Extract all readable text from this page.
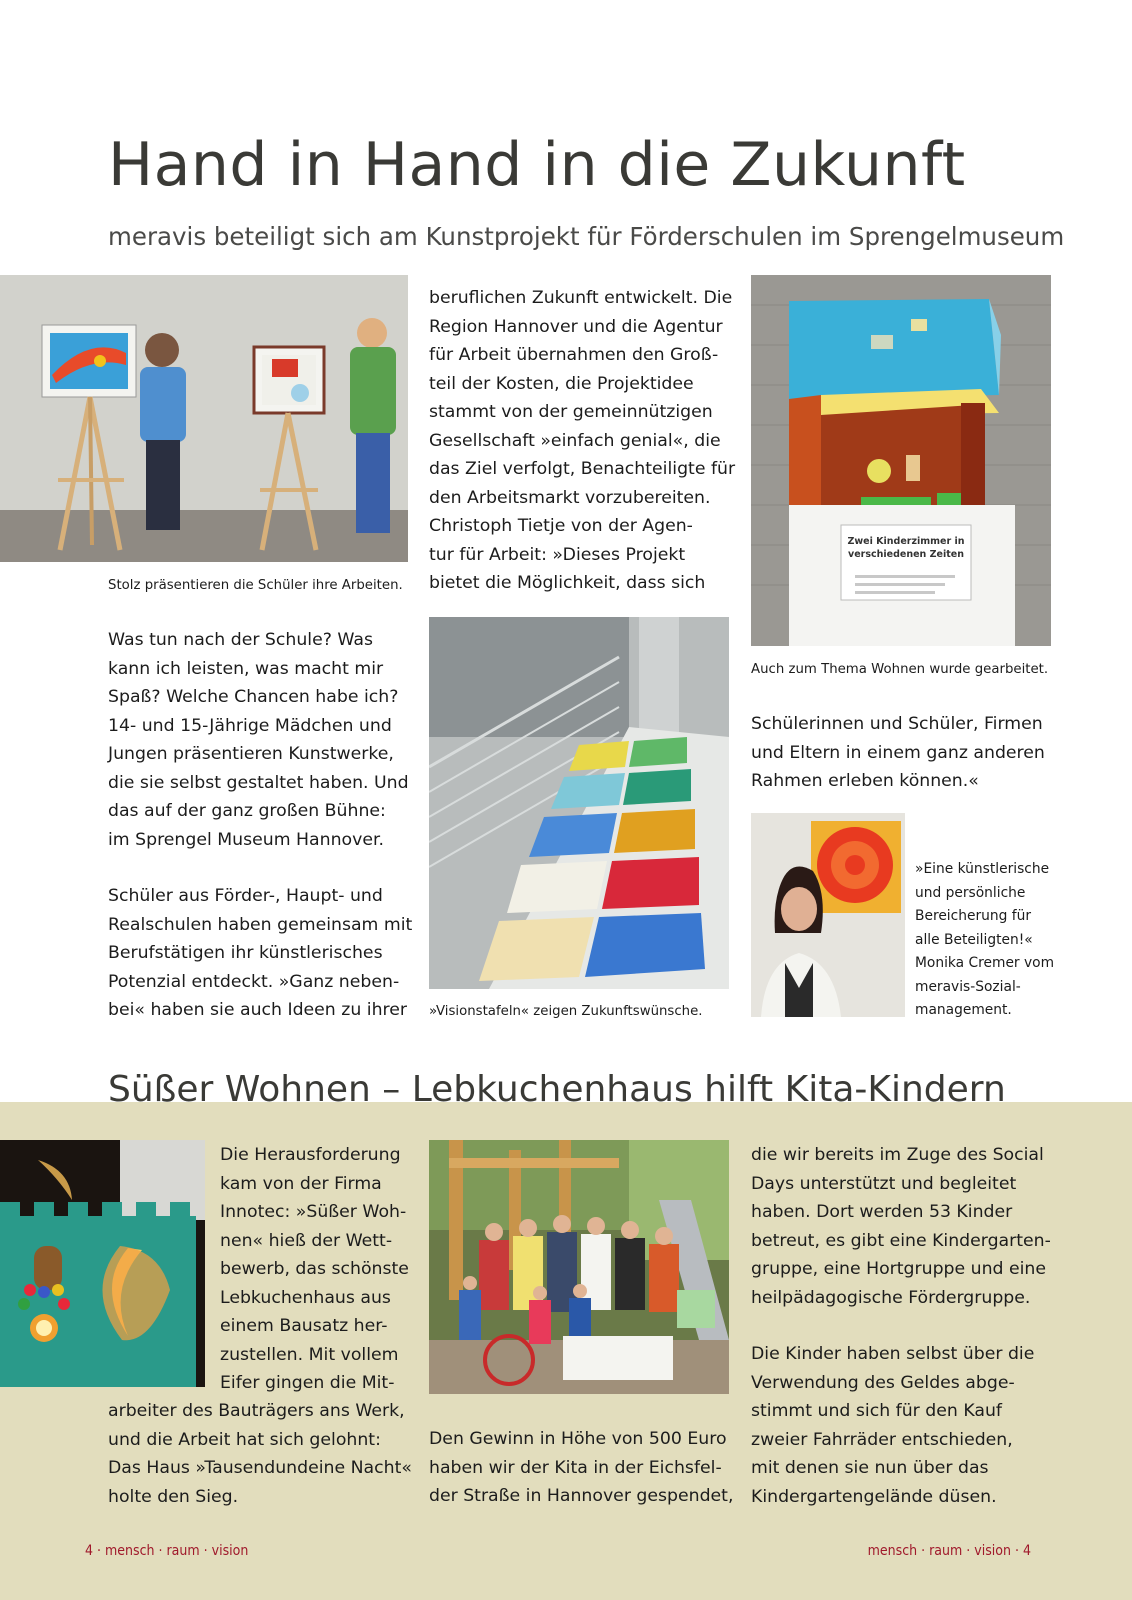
Hand in Hand in die Zukunft
meravis beteiligt sich am Kunstprojekt für Förderschulen im Sprengelmuseum
Stolz präsentieren die Schüler ihre Arbeiten.
Was tun nach der Schule? Was
kann ich leisten, was macht mir
Spaß? Welche Chancen habe ich?
14- und 15-Jährige Mädchen und
Jungen präsentieren Kunstwerke,
die sie selbst gestaltet haben. Und
das auf der ganz großen Bühne:
im Sprengel Museum Hannover.
Schüler aus Förder-, Haupt- und
Realschulen haben gemeinsam mit
Berufstätigen ihr künstlerisches
Potenzial entdeckt. »Ganz neben-
bei« haben sie auch Ideen zu ihrer
beruflichen Zukunft entwickelt. Die
Region Hannover und die Agentur
für Arbeit übernahmen den Groß-
teil der Kosten, die Projektidee
stammt von der gemeinnützigen
Gesellschaft »einfach genial«, die
das Ziel verfolgt, Benachteiligte für
den Arbeitsmarkt vorzubereiten.
Christoph Tietje von der Agen-
tur für Arbeit: »Dieses Projekt
bietet die Möglichkeit, dass sich
»Visionstafeln« zeigen Zukunftswünsche.
Zwei Kinderzimmer in
verschiedenen Zeiten
Auch zum Thema Wohnen wurde gearbeitet.
Schülerinnen und Schüler, Firmen
und Eltern in einem ganz anderen
Rahmen erleben können.«
»Eine künstlerische
und persönliche
Bereicherung für
alle Beteiligten!«
Monika Cremer vom
meravis-Sozial-
management.
Süßer Wohnen – Lebkuchenhaus hilft Kita-Kindern
Die Herausforderung
kam von der Firma
Innotec: »Süßer Woh-
nen« hieß der Wett-
bewerb, das schönste
Lebkuchenhaus aus
einem Bausatz her-
zustellen. Mit vollem
Eifer gingen die Mit-
arbeiter des Bauträgers ans Werk,
und die Arbeit hat sich gelohnt:
Das Haus »Tausendundeine Nacht«
holte den Sieg.
Den Gewinn in Höhe von 500 Euro
haben wir der Kita in der Eichsfel-
der Straße in Hannover gespendet,
die wir bereits im Zuge des Social
Days unterstützt und begleitet
haben. Dort werden 53 Kinder
betreut, es gibt eine Kindergarten-
gruppe, eine Hortgruppe und eine
heilpädagogische Fördergruppe.
Die Kinder haben selbst über die
Verwendung des Geldes abge-
stimmt und sich für den Kauf
zweier Fahrräder entschieden,
mit denen sie nun über das
Kindergartengelände düsen.
4 · mensch · raum · vision	mensch · raum · vision · 4
